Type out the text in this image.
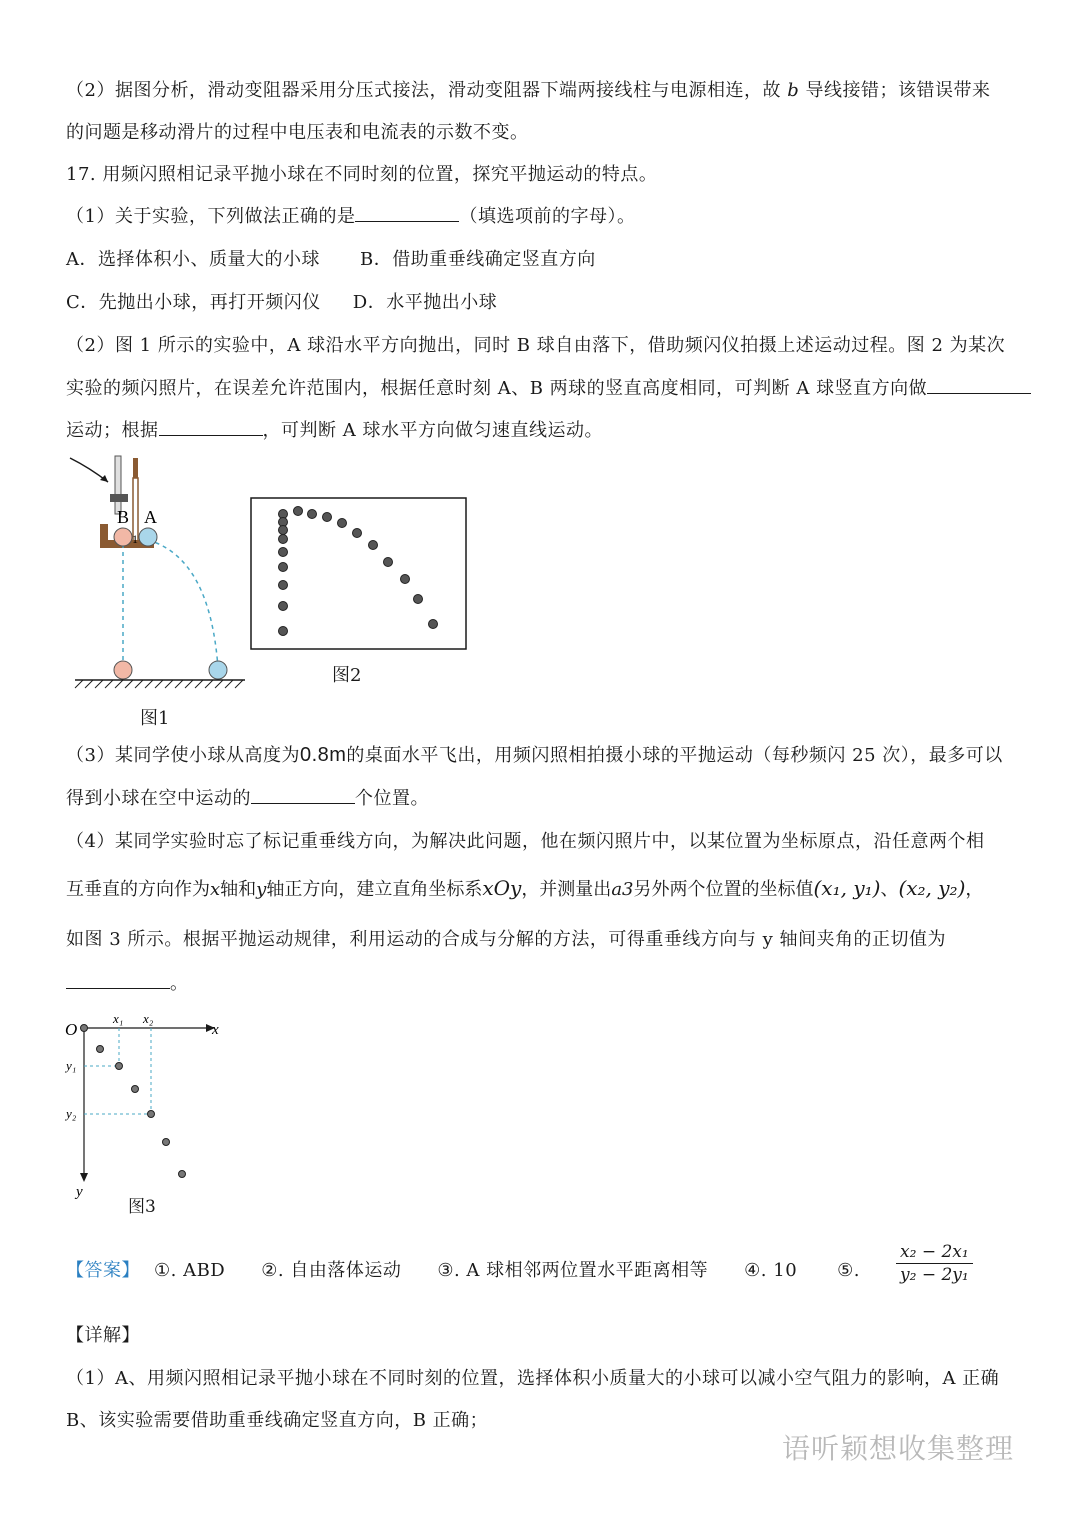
（2）据图分析，滑动变阻器采用分压式接法，滑动变阻器下端两接线柱与电源相连，故 b 导线接错；该错误带来
的问题是移动滑片的过程中电压表和电流表的示数不变。
17. 用频闪照相记录平抛小球在不同时刻的位置，探究平抛运动的特点。
（1）关于实验，下列做法正确的是	（填选项前的字母）。
A．选择体积小、质量大的小球 B．借助重垂线确定竖直方向
C．先抛出小球，再打开频闪仪 D．水平抛出小球
（2）图 1 所示的实验中，A 球沿水平方向抛出，同时 B 球自由落下，借助频闪仪拍摄上述运动过程。图 2 为某次
实验的频闪照片，在误差允许范围内，根据任意时刻 A、B 两球的竖直高度相同，可判断 A 球竖直方向做
运动；根据	，可判断 A 球水平方向做匀速直线运动。
B A
1
图1
图2
（3）某同学使小球从高度为0.8m的桌面水平飞出，用频闪照相拍摄小球的平抛运动（每秒频闪 25 次），最多可以
得到小球在空中运动的	个位置。
（4）某同学实验时忘了标记重垂线方向，为解决此问题，他在频闪照片中，以某位置为坐标原点，沿任意两个相
互垂直的方向作为x轴和y轴正方向，建立直角坐标系xOy，并测量出a3另外两个位置的坐标值(x₁, y₁)、(x₂, y₂)，
如图 3 所示。根据平抛运动规律，利用运动的合成与分解的方法，可得重垂线方向与 y 轴间夹角的正切值为
。
O	x
y
x₁ x₂
y₁
y₂
图3
【答案】 ①. ABD ②. 自由落体运动 ③. A 球相邻两位置水平距离相等 ④. 10 ⑤. $\frac{\text{x₂ − 2x₁}}{\text{y₂ − 2y₁}}$
【详解】
（1）A、用频闪照相记录平抛小球在不同时刻的位置，选择体积小质量大的小球可以减小空气阻力的影响，A 正确
B、该实验需要借助重垂线确定竖直方向，B 正确；
语听颖想收集整理
